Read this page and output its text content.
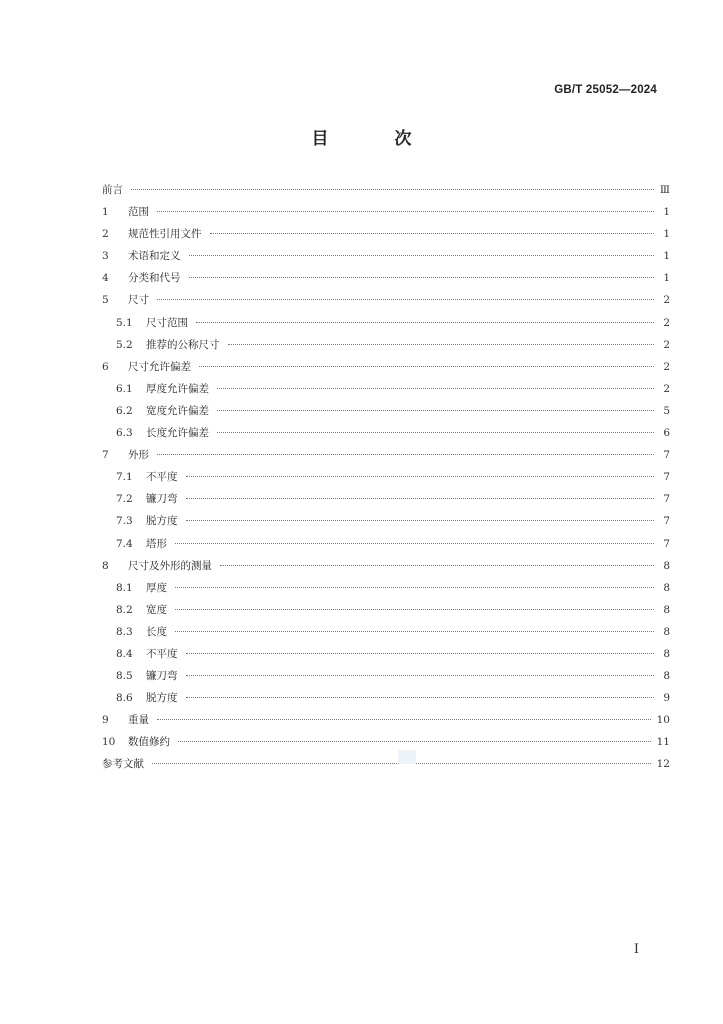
GB/T 25052—2024
目 次
前言	Ⅲ
1	范围	1
2	规范性引用文件	1
3	术语和定义	1
4	分类和代号	1
5	尺寸	2
5.1	尺寸范围	2
5.2	推荐的公称尺寸	2
6	尺寸允许偏差	2
6.1	厚度允许偏差	2
6.2	宽度允许偏差	5
6.3	长度允许偏差	6
7	外形	7
7.1	不平度	7
7.2	镰刀弯	7
7.3	脱方度	7
7.4	塔形	7
8	尺寸及外形的测量	8
8.1	厚度	8
8.2	宽度	8
8.3	长度	8
8.4	不平度	8
8.5	镰刀弯	8
8.6	脱方度	9
9	重量	10
10	数值修约	11
参考文献	12
I
